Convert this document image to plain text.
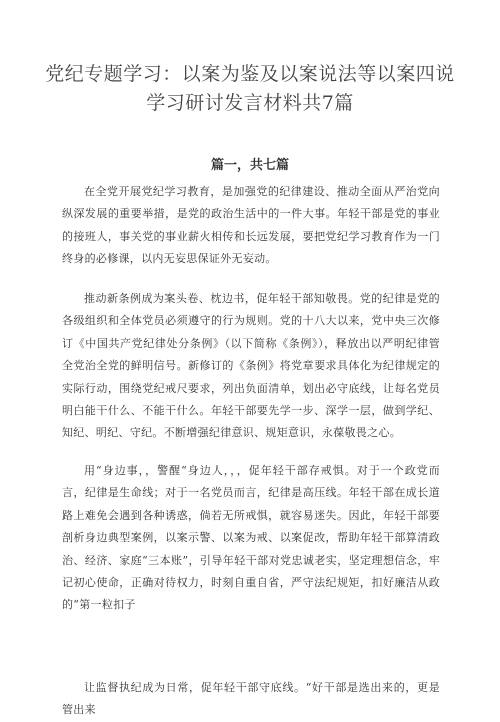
党纪专题学习：以案为鉴及以案说法等以案四说学习研讨发言材料共7篇
篇一，共七篇

在全党开展党纪学习教育，是加强党的纪律建设、推动全面从严治党向纵深发展的重要举措，是党的政治生活中的一件大事。年轻干部是党的事业的接班人，事关党的事业薪火相传和长远发展，要把党纪学习教育作为一门终身的必修课，以内无妄思保证外无妄动。

推动新条例成为案头卷、枕边书，促年轻干部知敬畏。党的纪律是党的各级组织和全体党员必须遵守的行为规则。党的十八大以来，党中央三次修订《中国共产党纪律处分条例》（以下简称《条例》），释放出以严明纪律管全党治全党的鲜明信号。新修订的《条例》将党章要求具体化为纪律规定的实际行动，围绕党纪戒尺要求，列出负面清单，划出必守底线，让每名党员明白能干什么、不能干什么。年轻干部要先学一步、深学一层，做到学纪、知纪、明纪、守纪。不断增强纪律意识、规矩意识，永葆敬畏之心。

用“身边事，，警醒“身边人，，，促年轻干部存戒惧。对于一个政党而言，纪律是生命线；对于一名党员而言，纪律是高压线。年轻干部在成长道路上难免会遇到各种诱惑，倘若无所戒惧，就容易迷失。因此，年轻干部要剖析身边典型案例，以案示警、以案为戒、以案促改，帮助年轻干部算清政治、经济、家庭“三本账”，引导年轻干部对党忠诚老实，坚定理想信念，牢记初心使命，正确对待权力，时刻自重自省，严守法纪规矩，扣好廉洁从政的“第一粒扣子

让监督执纪成为日常，促年轻干部守底线。“好干部是选出来的，更是管出来
